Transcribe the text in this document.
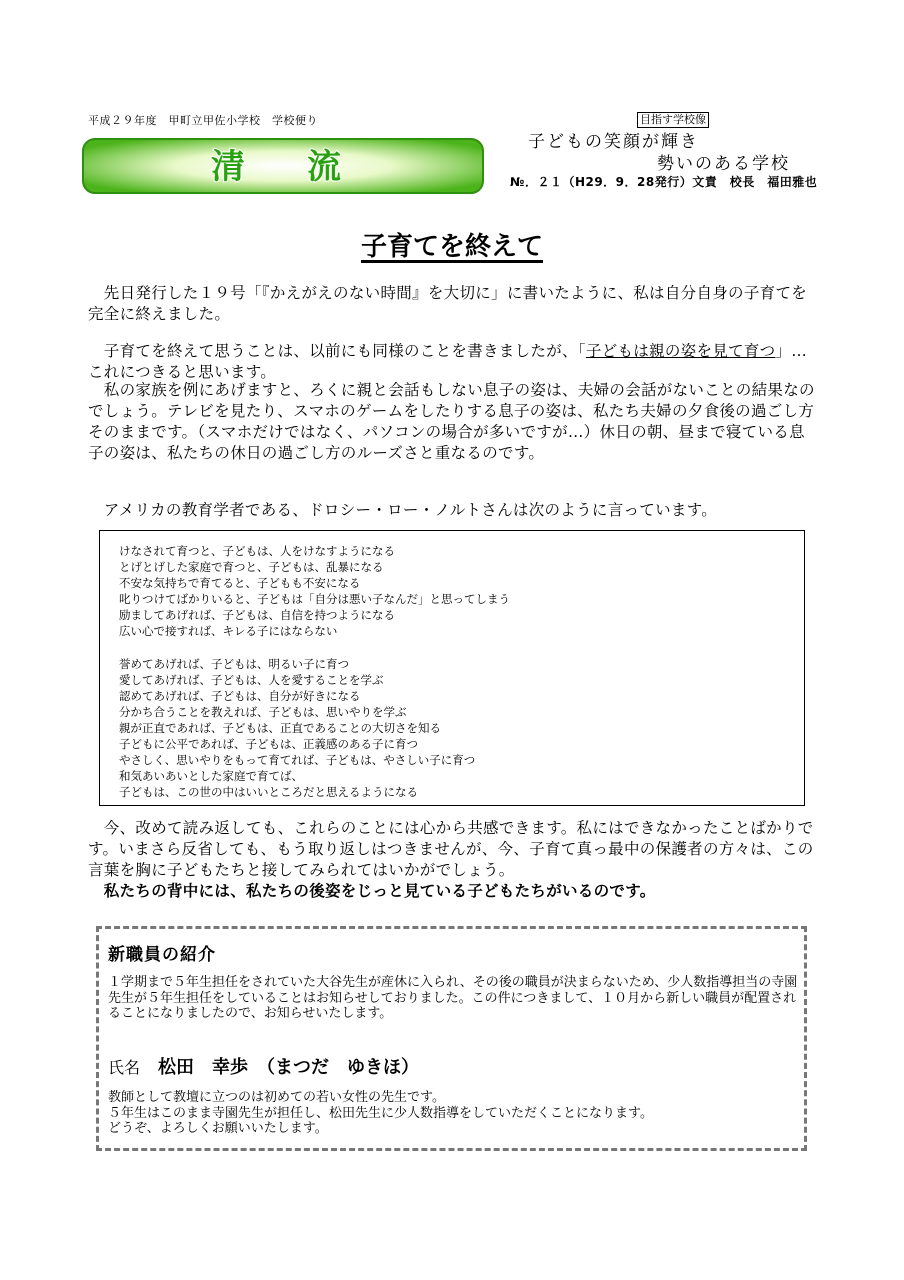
平成２９年度　甲町立甲佐小学校　学校便り
清　流
目指す学校像
子どもの笑顔が輝き
勢いのある学校
№．２１（H29．9．28発行）文責　校長　福田雅也
子育てを終えて
　先日発行した１９号「『かえがえのない時間』を大切に」に書いたように、私は自分自身の子育てを完全に終えました。
　子育てを終えて思うことは、以前にも同様のことを書きましたが、「子どもは親の姿を見て育つ」…これにつきると思います。
　私の家族を例にあげますと、ろくに親と会話もしない息子の姿は、夫婦の会話がないことの結果なのでしょう。テレビを見たり、スマホのゲームをしたりする息子の姿は、私たち夫婦の夕食後の過ごし方そのままです。（スマホだけではなく、パソコンの場合が多いですが…）休日の朝、昼まで寝ている息子の姿は、私たちの休日の過ごし方のルーズさと重なるのです。
　アメリカの教育学者である、ドロシー・ロー・ノルトさんは次のように言っています。
けなされて育つと、子どもは、人をけなすようになる
とげとげした家庭で育つと、子どもは、乱暴になる
不安な気持ちで育てると、子どもも不安になる
叱りつけてばかりいると、子どもは「自分は悪い子なんだ」と思ってしまう
励ましてあげれば、子どもは、自信を持つようになる
広い心で接すれば、キレる子にはならない
誉めてあげれば、子どもは、明るい子に育つ
愛してあげれば、子どもは、人を愛することを学ぶ
認めてあげれば、子どもは、自分が好きになる
分かち合うことを教えれば、子どもは、思いやりを学ぶ
親が正直であれば、子どもは、正直であることの大切さを知る
子どもに公平であれば、子どもは、正義感のある子に育つ
やさしく、思いやりをもって育てれば、子どもは、やさしい子に育つ
和気あいあいとした家庭で育てば、
子どもは、この世の中はいいところだと思えるようになる
　今、改めて読み返しても、これらのことには心から共感できます。私にはできなかったことばかりです。いまさら反省しても、もう取り返しはつきませんが、今、子育て真っ最中の保護者の方々は、この言葉を胸に子どもたちと接してみられてはいかがでしょう。
　私たちの背中には、私たちの後姿をじっと見ている子どもたちがいるのです。
新職員の紹介
１学期まで５年生担任をされていた大谷先生が産休に入られ、その後の職員が決まらないため、少人数指導担当の寺園先生が５年生担任をしていることはお知らせしておりました。この件につきまして、１０月から新しい職員が配置されることになりましたので、お知らせいたします。
氏名 松田　幸歩　（まつだ　ゆきほ）
教師として教壇に立つのは初めての若い女性の先生です。
５年生はこのまま寺園先生が担任し、松田先生に少人数指導をしていただくことになります。
どうぞ、よろしくお願いいたします。
